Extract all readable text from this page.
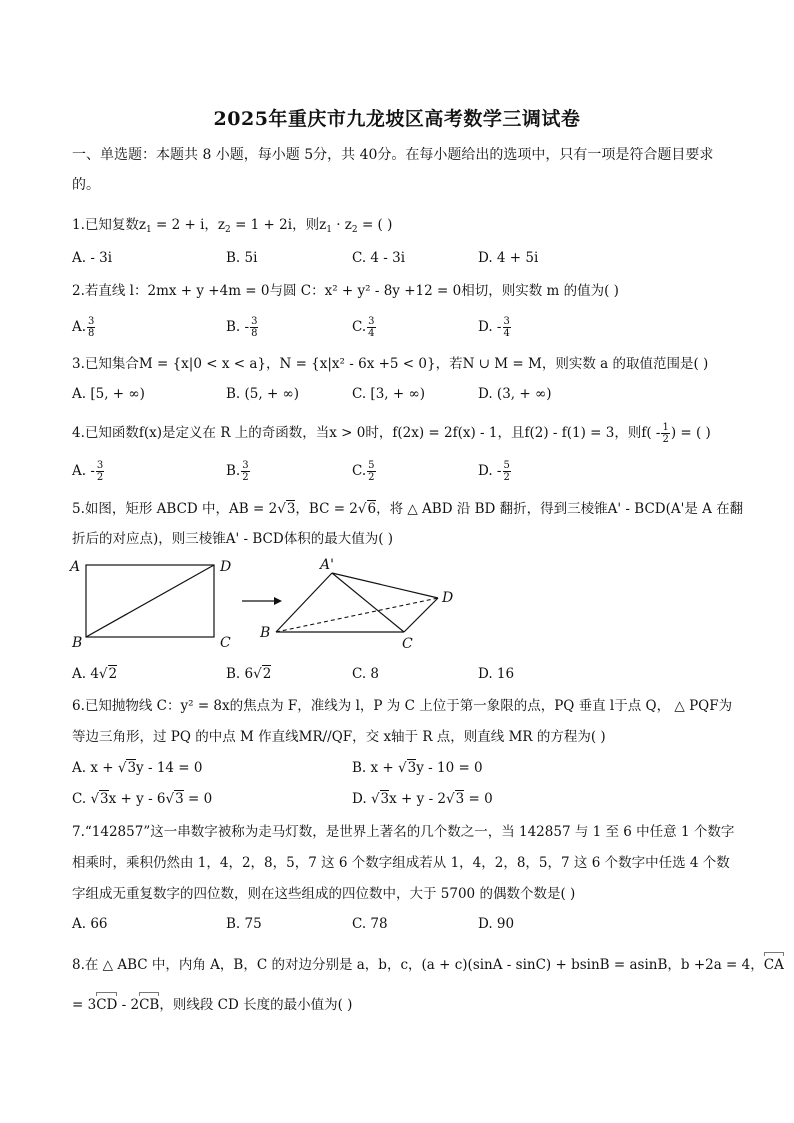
2025年重庆市九龙坡区高考数学三调试卷
一、单选题：本题共 8 小题，每小题 5分，共 40分。在每小题给出的选项中，只有一项是符合题目要求
的。
1.已知复数$z_1 = 2 + i$，$z_2 = 1 + 2i$，则$z_1 \cdot z_2$ = ( )
A. - 3i	B. 5i	C. 4 - 3i	D. 4 + 5i
2.若直线 l：2mx + y +4m = 0与圆 C：x² + y² - 8y +12 = 0相切，则实数 m 的值为( )
A. $\frac{3}{8}$	B. - $\frac{3}{8}$	C. $\frac{3}{4}$	D. - $\frac{3}{4}$
3.已知集合M = {x|0 < x < a}，N = {x|x² - 6x +5 < 0}，若N ∪ M = M，则实数 a 的取值范围是( )
A. [5, + ∞)	B. (5, + ∞)	C. [3, + ∞)	D. (3, + ∞)
4.已知函数f(x)是定义在 R 上的奇函数，当x > 0时，f(2x) = 2f(x) - 1，且f(2) - f(1) = 3，则$f( - \frac{1}{2}$ ) = ( )
A. - $\frac{3}{2}$	B. $\frac{3}{2}$	C. $\frac{5}{2}$	D. - $\frac{5}{2}$
5.如图，矩形 ABCD 中，AB = 2√3，BC = 2√6，将 △ ABD 沿 BD 翻折，得到三棱锥A' - BCD(A'是 A 在翻
折后的对应点)，则三棱锥A' - BCD体积的最大值为( )
A	D
B	C
A'
D
B
C
A. 4√2	B. 6√2	C. 8	D. 16
6.已知抛物线 C：y² = 8x的焦点为 F，准线为 l，P 为 C 上位于第一象限的点，PQ 垂直 l于点 Q， △ PQF为
等边三角形，过 PQ 的中点 M 作直线MR//QF，交 x轴于 R 点，则直线 MR 的方程为( )
A. x + √3y - 14 = 0	B. x + √3y - 10 = 0
C. √3x + y - 6√3 = 0	D. √3x + y - 2√3 = 0
7.“142857”这一串数字被称为走马灯数，是世界上著名的几个数之一，当 142857 与 1 至 6 中任意 1 个数字
相乘时，乘积仍然由 1，4，2，8，5，7 这 6 个数字组成若从 1，4，2，8，5，7 这 6 个数字中任选 4 个数
字组成无重复数字的四位数，则在这些组成的四位数中，大于 5700 的偶数个数是( )
A. 66	B. 75	C. 78	D. 90
8.在 △ ABC 中，内角 A，B，C 的对边分别是 a，b，c，(a + c)(sinA - sinC) + bsinB = asinB，b +2a = 4，CA
= 3CD - 2CB，则线段 CD 长度的最小值为( )
